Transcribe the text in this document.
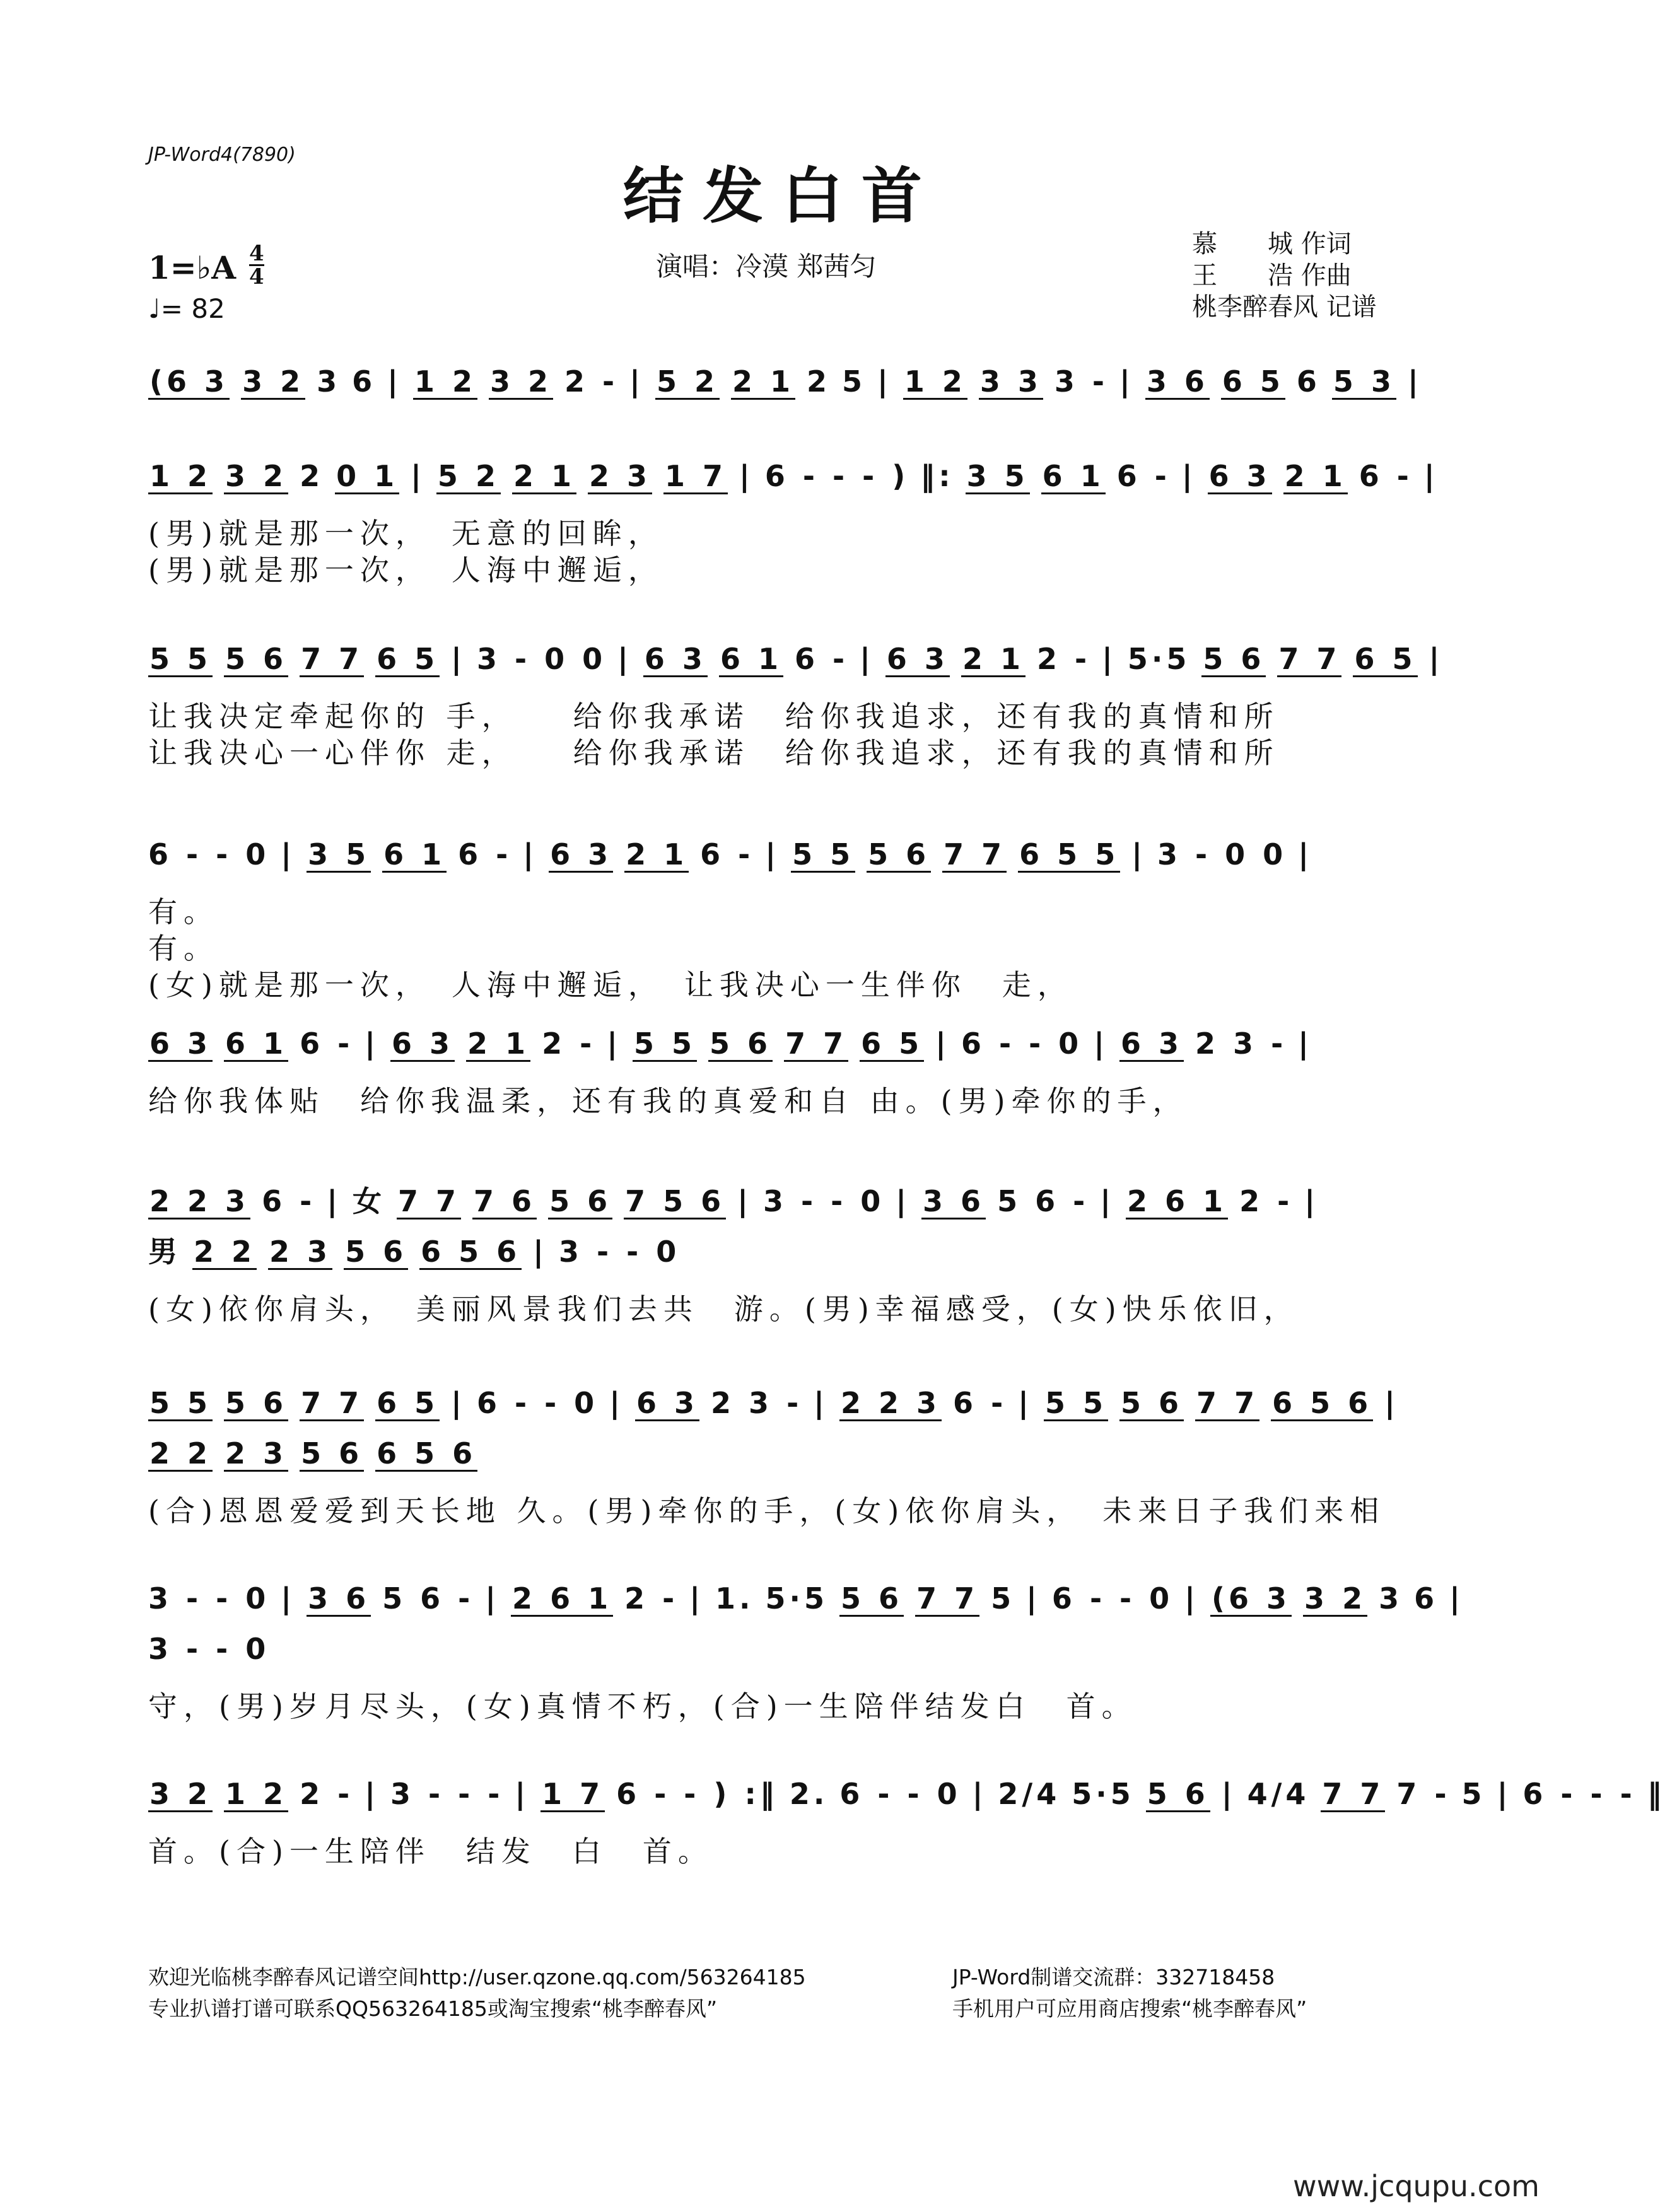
JP-Word4(7890)
结发白首
演唱：冷漠 郑茜匀
慕　　城 作词
王　　浩 作曲
桃李醉春风 记谱
1=♭A 4
4
♩= 82
(6 3 3 2 3 6 | 1 2 3 2 2 - | 5 2 2 1 2 5 | 1 2 3 3 3 - | 3 6 6 5 6 5 3 |
1 2 3 2 2 0 1 | 5 2 2 1 2 3 1 7 | 6 - - - ) ‖: 3 5 6 1 6 - | 6 3 2 1 6 - |
(男)就是那一次，　无意的回眸，
(男)就是那一次，　人海中邂逅，
5 5 5 6 7 7 6 5 | 3 - 0 0 | 6 3 6 1 6 - | 6 3 2 1 2 - | 5·5 5 6 7 7 6 5 |
让我决定牵起你的 手，　　给你我承诺　给你我追求，还有我的真情和所
让我决心一心伴你 走，　　给你我承诺　给你我追求，还有我的真情和所
6 - - 0 | 3 5 6 1 6 - | 6 3 2 1 6 - | 5 5 5 6 7 7 6 5 5 | 3 - 0 0 |
有。
有。
(女)就是那一次，　人海中邂逅，　让我决心一生伴你　走，
6 3 6 1 6 - | 6 3 2 1 2 - | 5 5 5 6 7 7 6 5 | 6 - - 0 | 6 3 2 3 - |
给你我体贴　给你我温柔，还有我的真爱和自 由。(男)牵你的手，
2 2 3 6 - | 女 7 7 7 6 5 6 7 5 6 | 3 - - 0 | 3 6 5 6 - | 2 6 1 2 - |
男 2 2 2 3 5 6 6 5 6 | 3 - - 0
(女)依你肩头，　美丽风景我们去共　游。(男)幸福感受，(女)快乐依旧，
5 5 5 6 7 7 6 5 | 6 - - 0 | 6 3 2 3 - | 2 2 3 6 - | 5 5 5 6 7 7 6 5 6 |
2 2 2 3 5 6 6 5 6
(合)恩恩爱爱到天长地 久。(男)牵你的手，(女)依你肩头，　未来日子我们来相
3 - - 0 | 3 6 5 6 - | 2 6 1 2 - | 1. 5·5 5 6 7 7 5 | 6 - - 0 | (6 3 3 2 3 6 |
3 - - 0
守，(男)岁月尽头，(女)真情不朽，(合)一生陪伴结发白　首。
3 2 1 2 2 - | 3 - - - | 1 7 6 - - ) :‖ 2. 6 - - 0 | 2/4 5·5 5 6 | 4/4 7 7 7 - 5 | 6 - - - ‖
首。(合)一生陪伴　结发　白　首。
欢迎光临桃李醉春风记谱空间http://user.qzone.qq.com/563264185
专业扒谱打谱可联系QQ563264185或淘宝搜索“桃李醉春风”
JP-Word制谱交流群：332718458
手机用户可应用商店搜索“桃李醉春风”
www.jcqupu.com
